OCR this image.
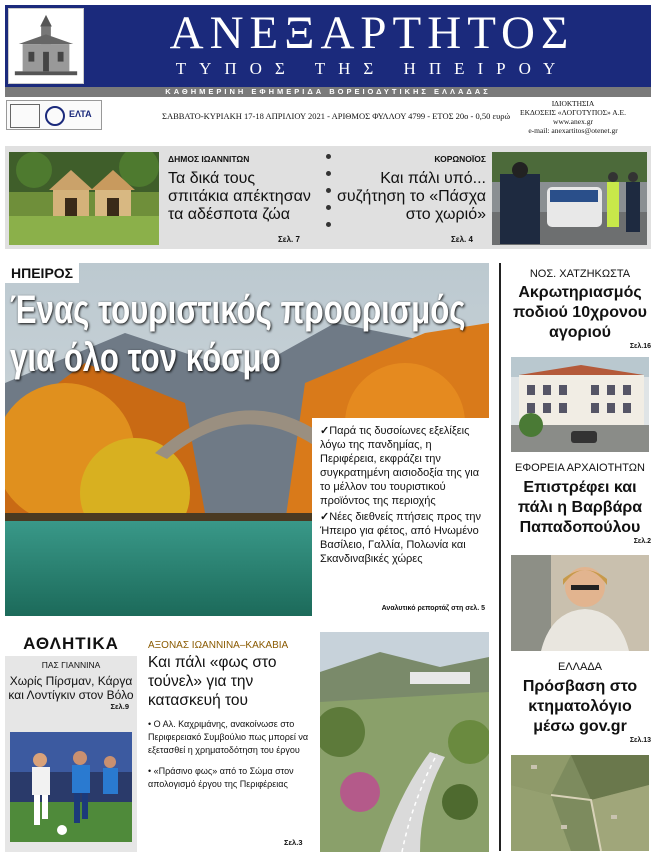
ΑΝΕΞΑΡΤΗΤΟΣ
ΤΥΠΟΣ ΤΗΣ ΗΠΕΙΡΟΥ
ΚΑΘΗΜΕΡΙΝΗ ΕΦΗΜΕΡΙΔΑ ΒΟΡΕΙΟΔΥΤΙΚΗΣ ΕΛΛΑΔΑΣ
ΕΛΤΑ	ΣΑΒΒΑΤΟ-ΚΥΡΙΑΚΗ 17-18 ΑΠΡΙΛΙΟΥ 2021 - ΑΡΙΘΜΟΣ ΦΥΛΛΟΥ 4799 - ΕΤΟΣ 20ο - 0,50 ευρώ
ΙΔΙΟΚΤΗΣΙΑ
ΕΚΔΟΣΕΙΣ «ΛΟΓΟΤΥΠΟΣ» Α.Ε.
www.anex.gr
e-mail: anexartitos@otenet.gr
ΔΗΜΟΣ ΙΩΑΝΝΙΤΩΝ
Τα δικά τους σπιτάκια απέκτησαν τα αδέσποτα ζώα
Σελ. 7
ΚΟΡΩΝΟΪΟΣ
Και πάλι υπό... συζήτηση το «Πάσχα στο χωριό»
Σελ. 4
ΗΠΕΙΡΟΣ
Ένας τουριστικός προορισμός
για όλο τον κόσμο
✓Παρά τις δυσοίωνες εξελίξεις λόγω της πανδημίας, η Περιφέρεια, εκφράζει την συγκρατημένη αισιοδοξία της για το μέλλον του τουριστικού προϊόντος της περιοχής
✓Νέες διεθνείς πτήσεις προς την Ήπειρο για φέτος, από Ηνωμένο Βασίλειο, Γαλλία, Πολωνία και Σκανδιναβικές χώρες
Αναλυτικό ρεπορτάζ στη σελ. 5
ΝΟΣ. ΧΑΤΖΗΚΩΣΤΑ
Ακρωτηριασμός ποδιού 10χρονου αγοριού
Σελ.16
ΕΦΟΡΕΙΑ ΑΡΧΑΙΟΤΗΤΩΝ
Επιστρέφει και πάλι η Βαρβάρα Παπαδοπούλου
Σελ.2
ΕΛΛΑΔΑ
Πρόσβαση στο κτηματολόγιο μέσω gov.gr
Σελ.13
ΑΘΛΗΤΙΚΑ
ΠΑΣ ΓΙΑΝΝΙΝΑ
Χωρίς Πίρσμαν, Κάργα και Λοντίγκιν στον Βόλο
Σελ.9
ΑΞΟΝΑΣ ΙΩΑΝΝΙΝΑ–ΚΑΚΑΒΙΑ
Και πάλι «φως στο τούνελ» για την κατασκευή του
• Ο Αλ. Καχριμάνης, ανακοίνωσε στο Περιφερειακό Συμβούλιο πως μπορεί να εξετασθεί η χρηματοδότηση του έργου
• «Πράσινο φως» από το Σώμα στον απολογισμό έργου της Περιφέρειας
Σελ.3
